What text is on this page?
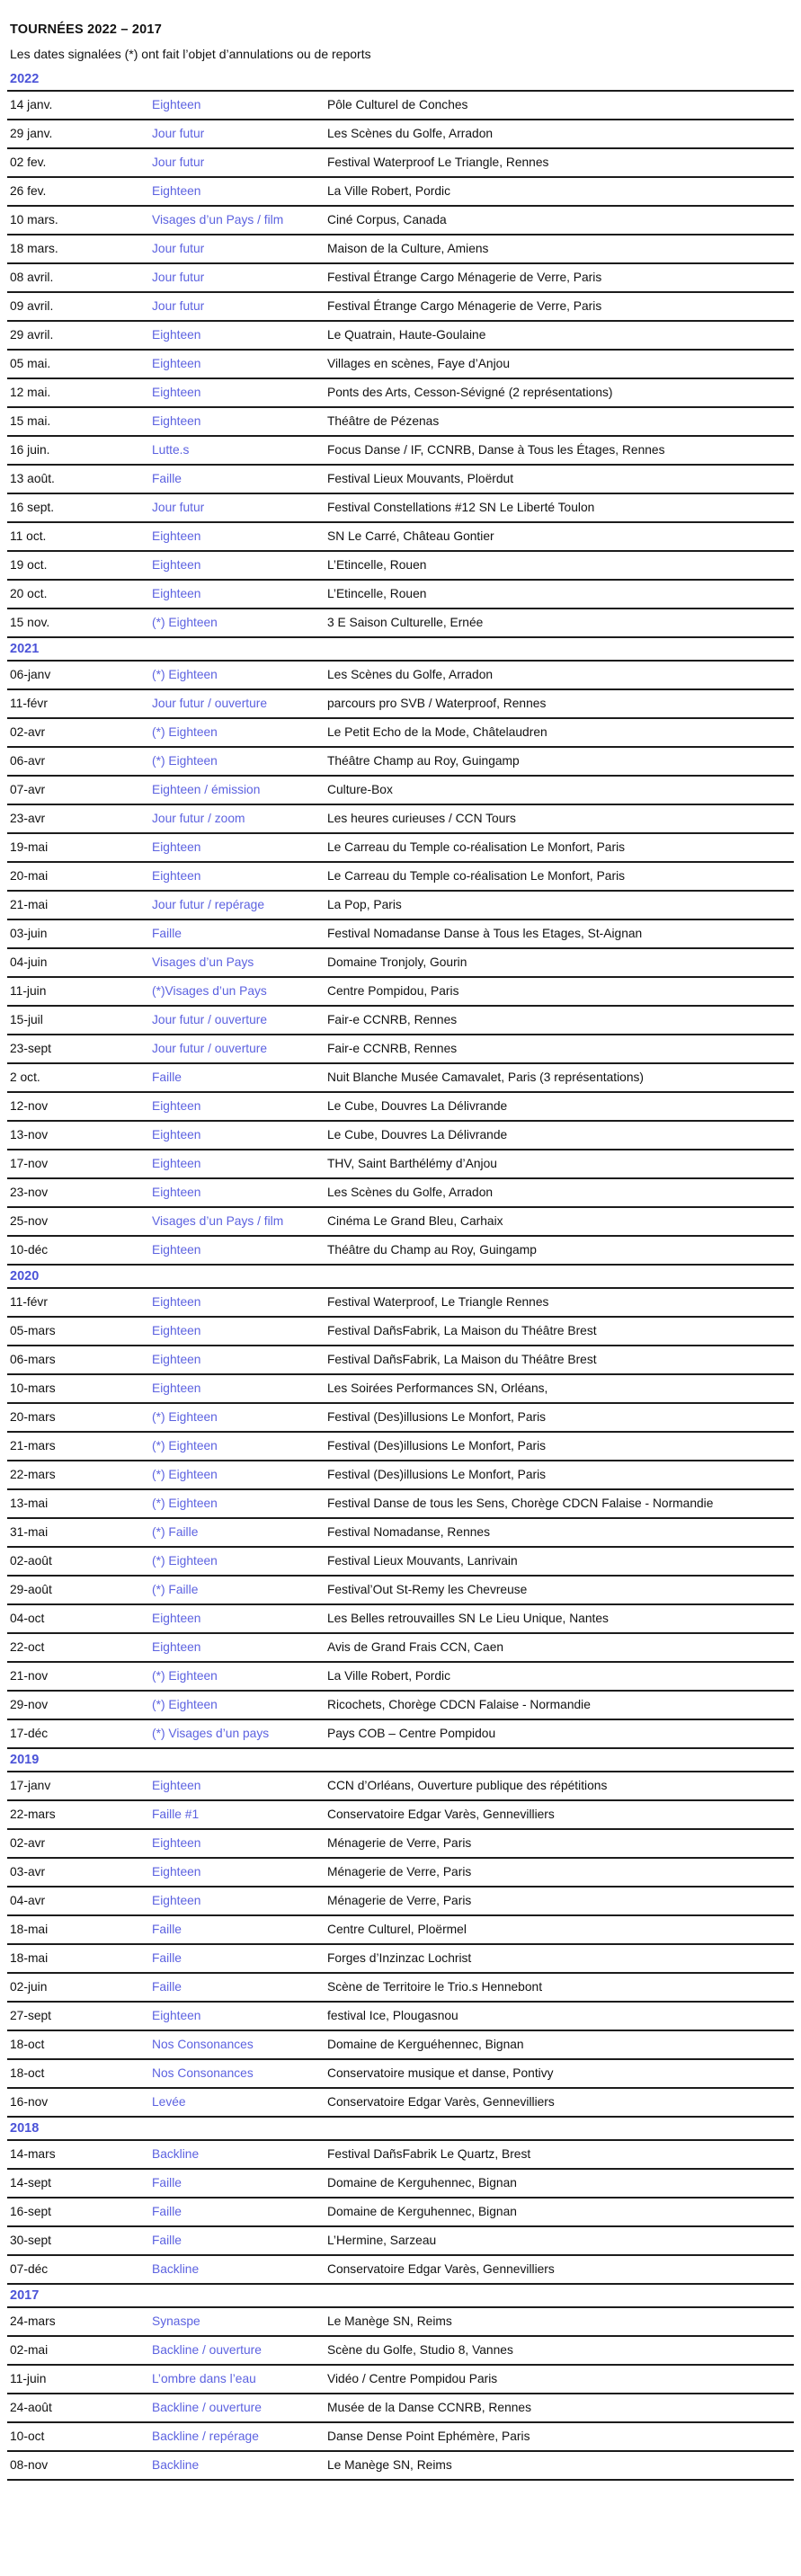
TOURNÉES 2022 – 2017
Les dates signalées (*) ont fait l’objet d’annulations ou de reports
2022
14 janv.	Eighteen	Pôle Culturel de Conches
29 janv.	Jour futur	Les Scènes du Golfe, Arradon
02 fev.	Jour futur	Festival Waterproof Le Triangle, Rennes
26 fev.	Eighteen	La Ville Robert, Pordic
10 mars.	Visages d’un Pays / film	Ciné Corpus, Canada
18 mars.	Jour futur	Maison de la Culture, Amiens
08 avril.	Jour futur	Festival Étrange Cargo Ménagerie de Verre, Paris
09 avril.	Jour futur	Festival Étrange Cargo Ménagerie de Verre, Paris
29 avril.	Eighteen	Le Quatrain, Haute-Goulaine
05 mai.	Eighteen	Villages en scènes, Faye d’Anjou
12 mai.	Eighteen	Ponts des Arts, Cesson-Sévigné (2 représentations)
15 mai.	Eighteen	Théâtre de Pézenas
16 juin.	Lutte.s	Focus Danse / IF, CCNRB, Danse à Tous les Étages, Rennes
13 août.	Faille	Festival Lieux Mouvants, Ploërdut
16 sept.	Jour futur	Festival Constellations #12 SN Le Liberté Toulon
11 oct.	Eighteen	SN Le Carré, Château Gontier
19 oct.	Eighteen	L’Etincelle, Rouen
20 oct.	Eighteen	L’Etincelle, Rouen
15 nov.	(*) Eighteen	3 E Saison Culturelle, Ernée
2021
06-janv	(*) Eighteen	Les Scènes du Golfe, Arradon
11-févr	Jour futur / ouverture	parcours pro SVB / Waterproof, Rennes
02-avr	(*) Eighteen	Le Petit Echo de la Mode, Châtelaudren
06-avr	(*) Eighteen	Théâtre Champ au Roy, Guingamp
07-avr	Eighteen / émission	Culture-Box
23-avr	Jour futur / zoom	Les heures curieuses / CCN Tours
19-mai	Eighteen	Le Carreau du Temple co-réalisation Le Monfort, Paris
20-mai	Eighteen	Le Carreau du Temple co-réalisation Le Monfort, Paris
21-mai	Jour futur / repérage	La Pop, Paris
03-juin	Faille	Festival Nomadanse Danse à Tous les Etages, St-Aignan
04-juin	Visages d’un Pays	Domaine Tronjoly, Gourin
11-juin	(*)Visages d’un Pays	Centre Pompidou, Paris
15-juil	Jour futur / ouverture	Fair-e CCNRB, Rennes
23-sept	Jour futur / ouverture	Fair-e CCNRB, Rennes
2 oct.	Faille	Nuit Blanche Musée Camavalet, Paris (3 représentations)
12-nov	Eighteen	Le Cube, Douvres La Délivrande
13-nov	Eighteen	Le Cube, Douvres La Délivrande
17-nov	Eighteen	THV, Saint Barthélémy d’Anjou
23-nov	Eighteen	Les Scènes du Golfe, Arradon
25-nov	Visages d’un Pays / film	Cinéma Le Grand Bleu, Carhaix
10-déc	Eighteen	Théâtre du Champ au Roy, Guingamp
2020
11-févr	Eighteen	Festival Waterproof, Le Triangle Rennes
05-mars	Eighteen	Festival DañsFabrik, La Maison du Théâtre Brest
06-mars	Eighteen	Festival DañsFabrik, La Maison du Théâtre Brest
10-mars	Eighteen	Les Soirées Performances SN, Orléans,
20-mars	(*) Eighteen	Festival (Des)illusions Le Monfort, Paris
21-mars	(*) Eighteen	Festival (Des)illusions Le Monfort, Paris
22-mars	(*) Eighteen	Festival (Des)illusions Le Monfort, Paris
13-mai	(*) Eighteen	Festival Danse de tous les Sens, Chorège CDCN Falaise - Normandie
31-mai	(*) Faille	Festival Nomadanse, Rennes
02-août	(*) Eighteen	Festival Lieux Mouvants, Lanrivain
29-août	(*) Faille	Festival’Out St-Remy les Chevreuse
04-oct	Eighteen	Les Belles retrouvailles SN Le Lieu Unique, Nantes
22-oct	Eighteen	Avis de Grand Frais CCN, Caen
21-nov	(*) Eighteen	La Ville Robert, Pordic
29-nov	(*) Eighteen	Ricochets, Chorège CDCN Falaise - Normandie
17-déc	(*) Visages d’un pays	Pays COB – Centre Pompidou
2019
17-janv	Eighteen	CCN d’Orléans, Ouverture publique des répétitions
22-mars	Faille #1	Conservatoire Edgar Varès, Gennevilliers
02-avr	Eighteen	Ménagerie de Verre, Paris
03-avr	Eighteen	Ménagerie de Verre, Paris
04-avr	Eighteen	Ménagerie de Verre, Paris
18-mai	Faille	Centre Culturel, Ploërmel
18-mai	Faille	Forges d’Inzinzac Lochrist
02-juin	Faille	Scène de Territoire le Trio.s Hennebont
27-sept	Eighteen	festival Ice, Plougasnou
18-oct	Nos Consonances	Domaine de Kerguéhennec, Bignan
18-oct	Nos Consonances	Conservatoire musique et danse, Pontivy
16-nov	Levée	Conservatoire Edgar Varès, Gennevilliers
2018
14-mars	Backline	Festival DañsFabrik Le Quartz, Brest
14-sept	Faille	Domaine de Kerguhennec, Bignan
16-sept	Faille	Domaine de Kerguhennec, Bignan
30-sept	Faille	L’Hermine, Sarzeau
07-déc	Backline	Conservatoire Edgar Varès, Gennevilliers
2017
24-mars	Synaspe	Le Manège SN, Reims
02-mai	Backline / ouverture	Scène du Golfe, Studio 8, Vannes
11-juin	L’ombre dans l’eau	Vidéo / Centre Pompidou Paris
24-août	Backline / ouverture	Musée de la Danse CCNRB, Rennes
10-oct	Backline / repérage	Danse Dense Point Ephémère, Paris
08-nov	Backline	Le Manège SN, Reims
